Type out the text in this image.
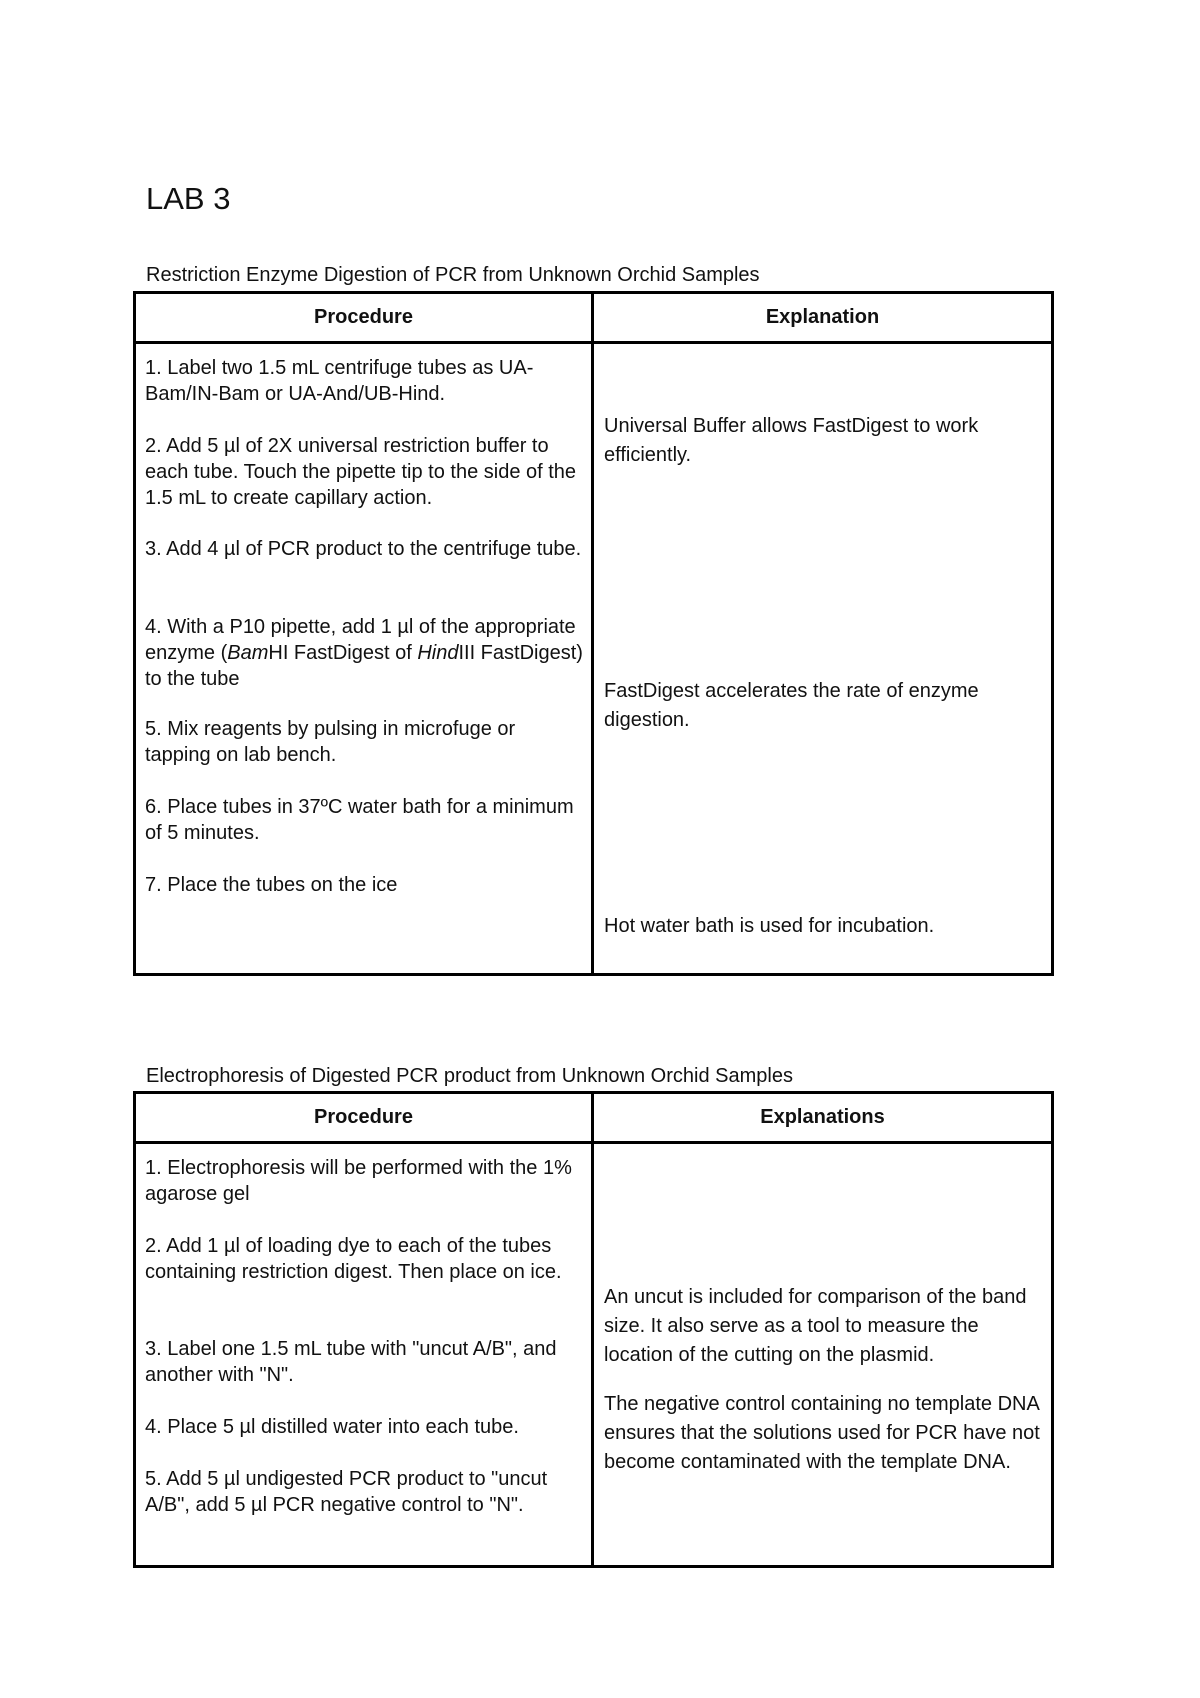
LAB 3
Restriction Enzyme Digestion of PCR from Unknown Orchid Samples
Procedure	Explanation

1. Label two 1.5 mL centrifuge tubes as UA-Bam/IN-Bam or UA-And/UB-Hind.

2. Add 5 µl of 2X universal restriction buffer to each tube. Touch the pipette tip to the side of the 1.5 mL to create capillary action.

3. Add 4 µl of PCR product to the centrifuge tube.

4. With a P10 pipette, add 1 µl of the appropriate enzyme (BamHI FastDigest of HindIII FastDigest) to the tube

5. Mix reagents by pulsing in microfuge or tapping on lab bench.

6. Place tubes in 37ºC water bath for a minimum of 5 minutes.

7. Place the tubes on the ice

Universal Buffer allows FastDigest to work efficiently.

FastDigest accelerates the rate of enzyme digestion.

Hot water bath is used for incubation.

Electrophoresis of Digested PCR product from Unknown Orchid Samples
Procedure	Explanations

1. Electrophoresis will be performed with the 1% agarose gel

2. Add 1 µl of loading dye to each of the tubes containing restriction digest. Then place on ice.

3. Label one 1.5 mL tube with "uncut A/B", and another with "N".

4. Place 5 µl distilled water into each tube.

5. Add 5 µl undigested PCR product to "uncut A/B", add 5 µl PCR negative control to "N".

An uncut is included for comparison of the band size. It also serve as a tool to measure the location of the cutting on the plasmid.

The negative control containing no template DNA ensures that the solutions used for PCR have not become contaminated with the template DNA.
